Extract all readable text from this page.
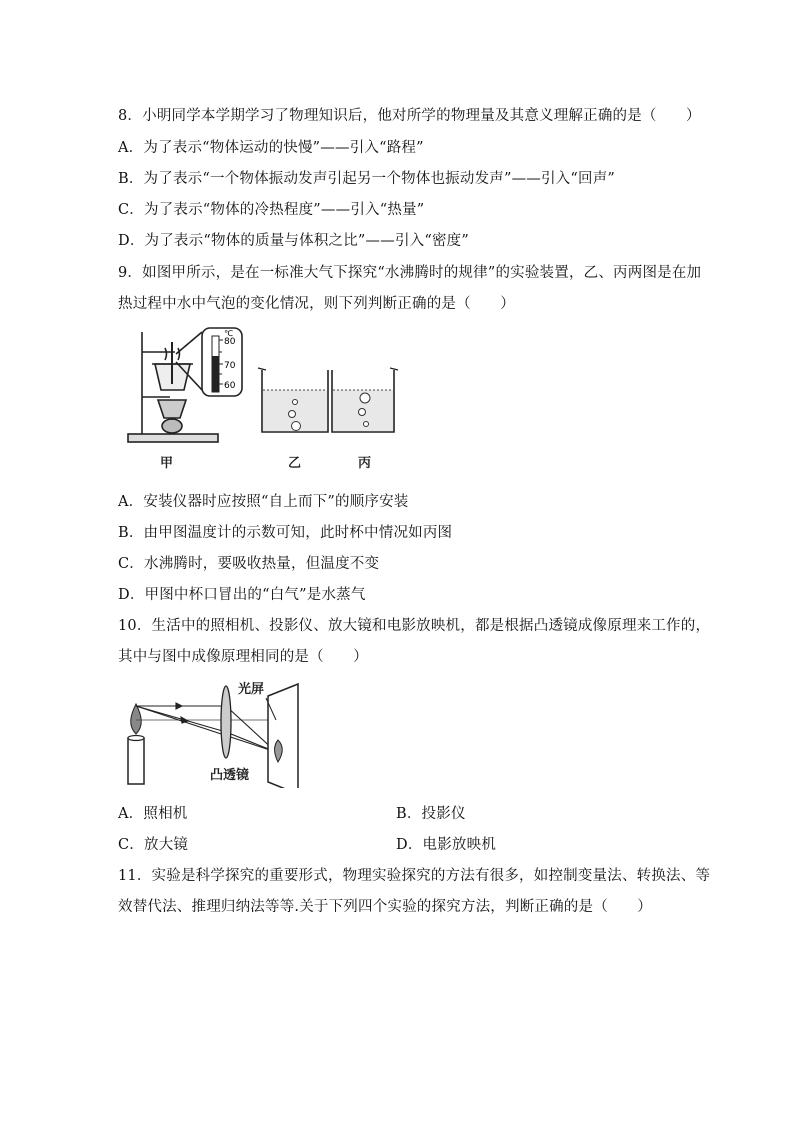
8．小明同学本学期学习了物理知识后，他对所学的物理量及其意义理解正确的是（　　）
A．为了表示“物体运动的快慢”——引入“路程”
B．为了表示“一个物体振动发声引起另一个物体也振动发声”——引入“回声”
C．为了表示“物体的冷热程度”——引入“热量”
D．为了表示“物体的质量与体积之比”——引入“密度”
9．如图甲所示，是在一标准大气下探究“水沸腾时的规律”的实验装置，乙、丙两图是在加
热过程中水中气泡的变化情况，则下列判断正确的是（　　）
℃
80
70
60
甲	乙	丙
A．安装仪器时应按照“自上而下”的顺序安装
B．由甲图温度计的示数可知，此时杯中情况如丙图
C．水沸腾时，要吸收热量，但温度不变
D．甲图中杯口冒出的“白气”是水蒸气
10．生活中的照相机、投影仪、放大镜和电影放映机，都是根据凸透镜成像原理来工作的，
其中与图中成像原理相同的是（　　）
光屏
凸透镜
A．照相机	B．投影仪
C．放大镜	D．电影放映机
11．实验是科学探究的重要形式，物理实验探究的方法有很多，如控制变量法、转换法、等
效替代法、推理归纳法等等.关于下列四个实验的探究方法，判断正确的是（　　）
